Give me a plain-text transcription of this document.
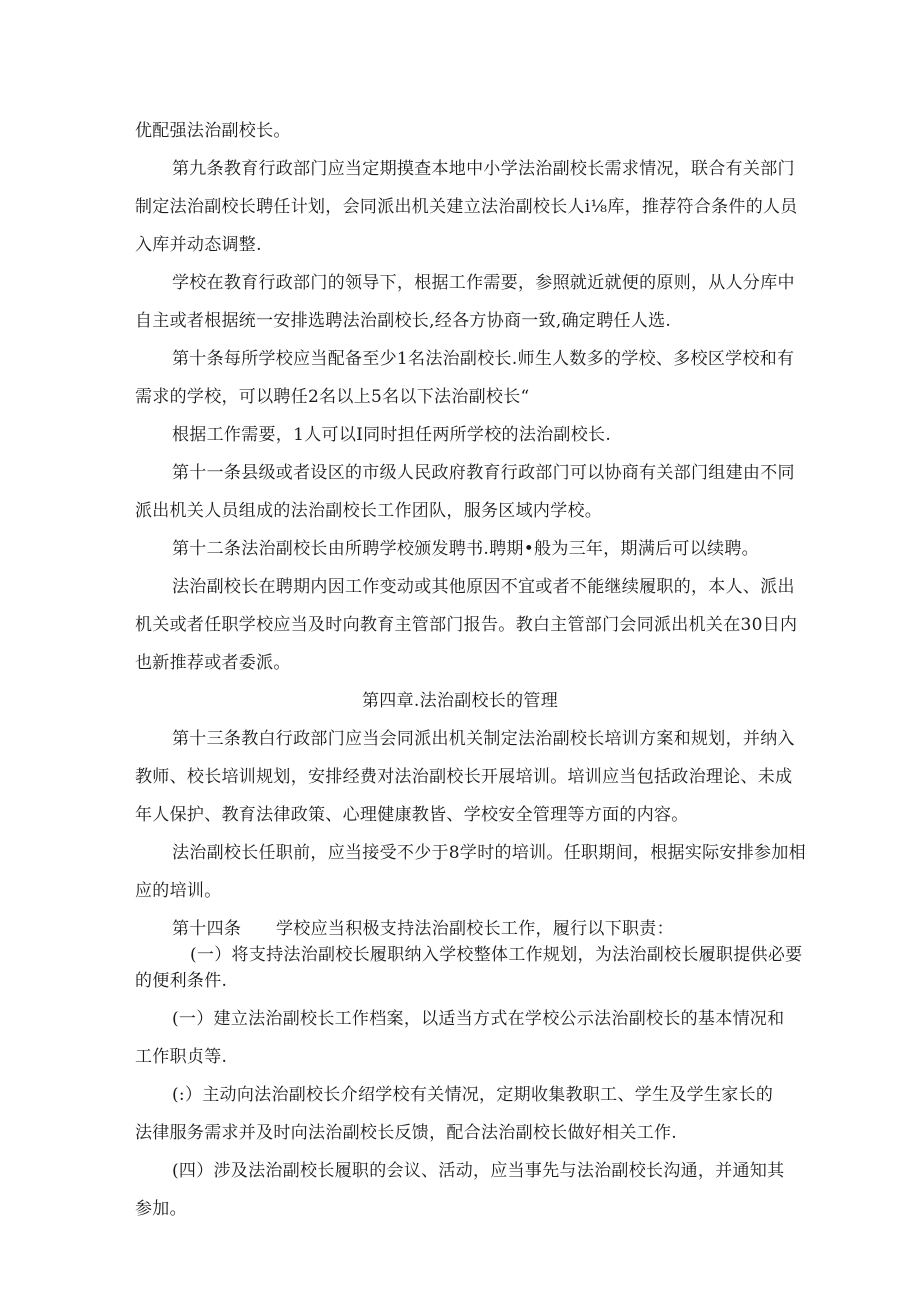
优配强法治副校长。
第九条教育行政部门应当定期摸查本地中小学法治副校长需求情况，联合有关部门
制定法治副校长聘任计划，会同派出机关建立法治副校长人i⅛库，推荐符合条件的人员
入库并动态调整.
学校在教育行政部门的领导下，根据工作需要，参照就近就便的原则，从人分库中
自主或者根据统一安排选聘法治副校长,经各方协商一致,确定聘任人选.
第十条每所学校应当配备至少1名法治副校长.师生人数多的学校、多校区学校和有
需求的学校，可以聘任2名以上5名以下法治副校长“
根据工作需要，1人可以I同时担任两所学校的法治副校长.
第十一条县级或者设区的市级人民政府教育行政部门可以协商有关部门组建由不同
派出机关人员组成的法治副校长工作团队，服务区域内学校。
第十二条法治副校长由所聘学校颁发聘书.聘期•般为三年，期满后可以续聘。
法治副校长在聘期内因工作变动或其他原因不宜或者不能继续履职的，本人、派出
机关或者任职学校应当及时向教育主管部门报告。教白主管部门会同派出机关在30日内
也新推荐或者委派。
第四章.法治副校长的管理
第十三条教白行政部门应当会同派出机关制定法治副校长培训方案和规划，并纳入
教师、校长培训规划，安排经费对法治副校长开展培训。培训应当包括政治理论、未成
年人保护、教育法律政策、心理健康教皆、学校安全管理等方面的内容。
法治副校长任职前，应当接受不少于8学时的培训。任职期间，根据实际安排参加相
应的培训。
第十四条 学校应当积极支持法治副校长工作，履行以下职责：
(一）将支持法治副校长履职纳入学校整体工作规划，为法治副校长履职提供必要
的便利条件.
(一）建立法治副校长工作档案，以适当方式在学校公示法治副校长的基本情况和
工作职贞等.
(:）主动向法治副校长介绍学校有关情况，定期收集教职工、学生及学生家长的
法律服务需求并及时向法治副校长反馈，配合法治副校长做好相关工作.
(四）涉及法治副校长履职的会议、活动，应当事先与法治副校长沟通，并通知其
参加。
